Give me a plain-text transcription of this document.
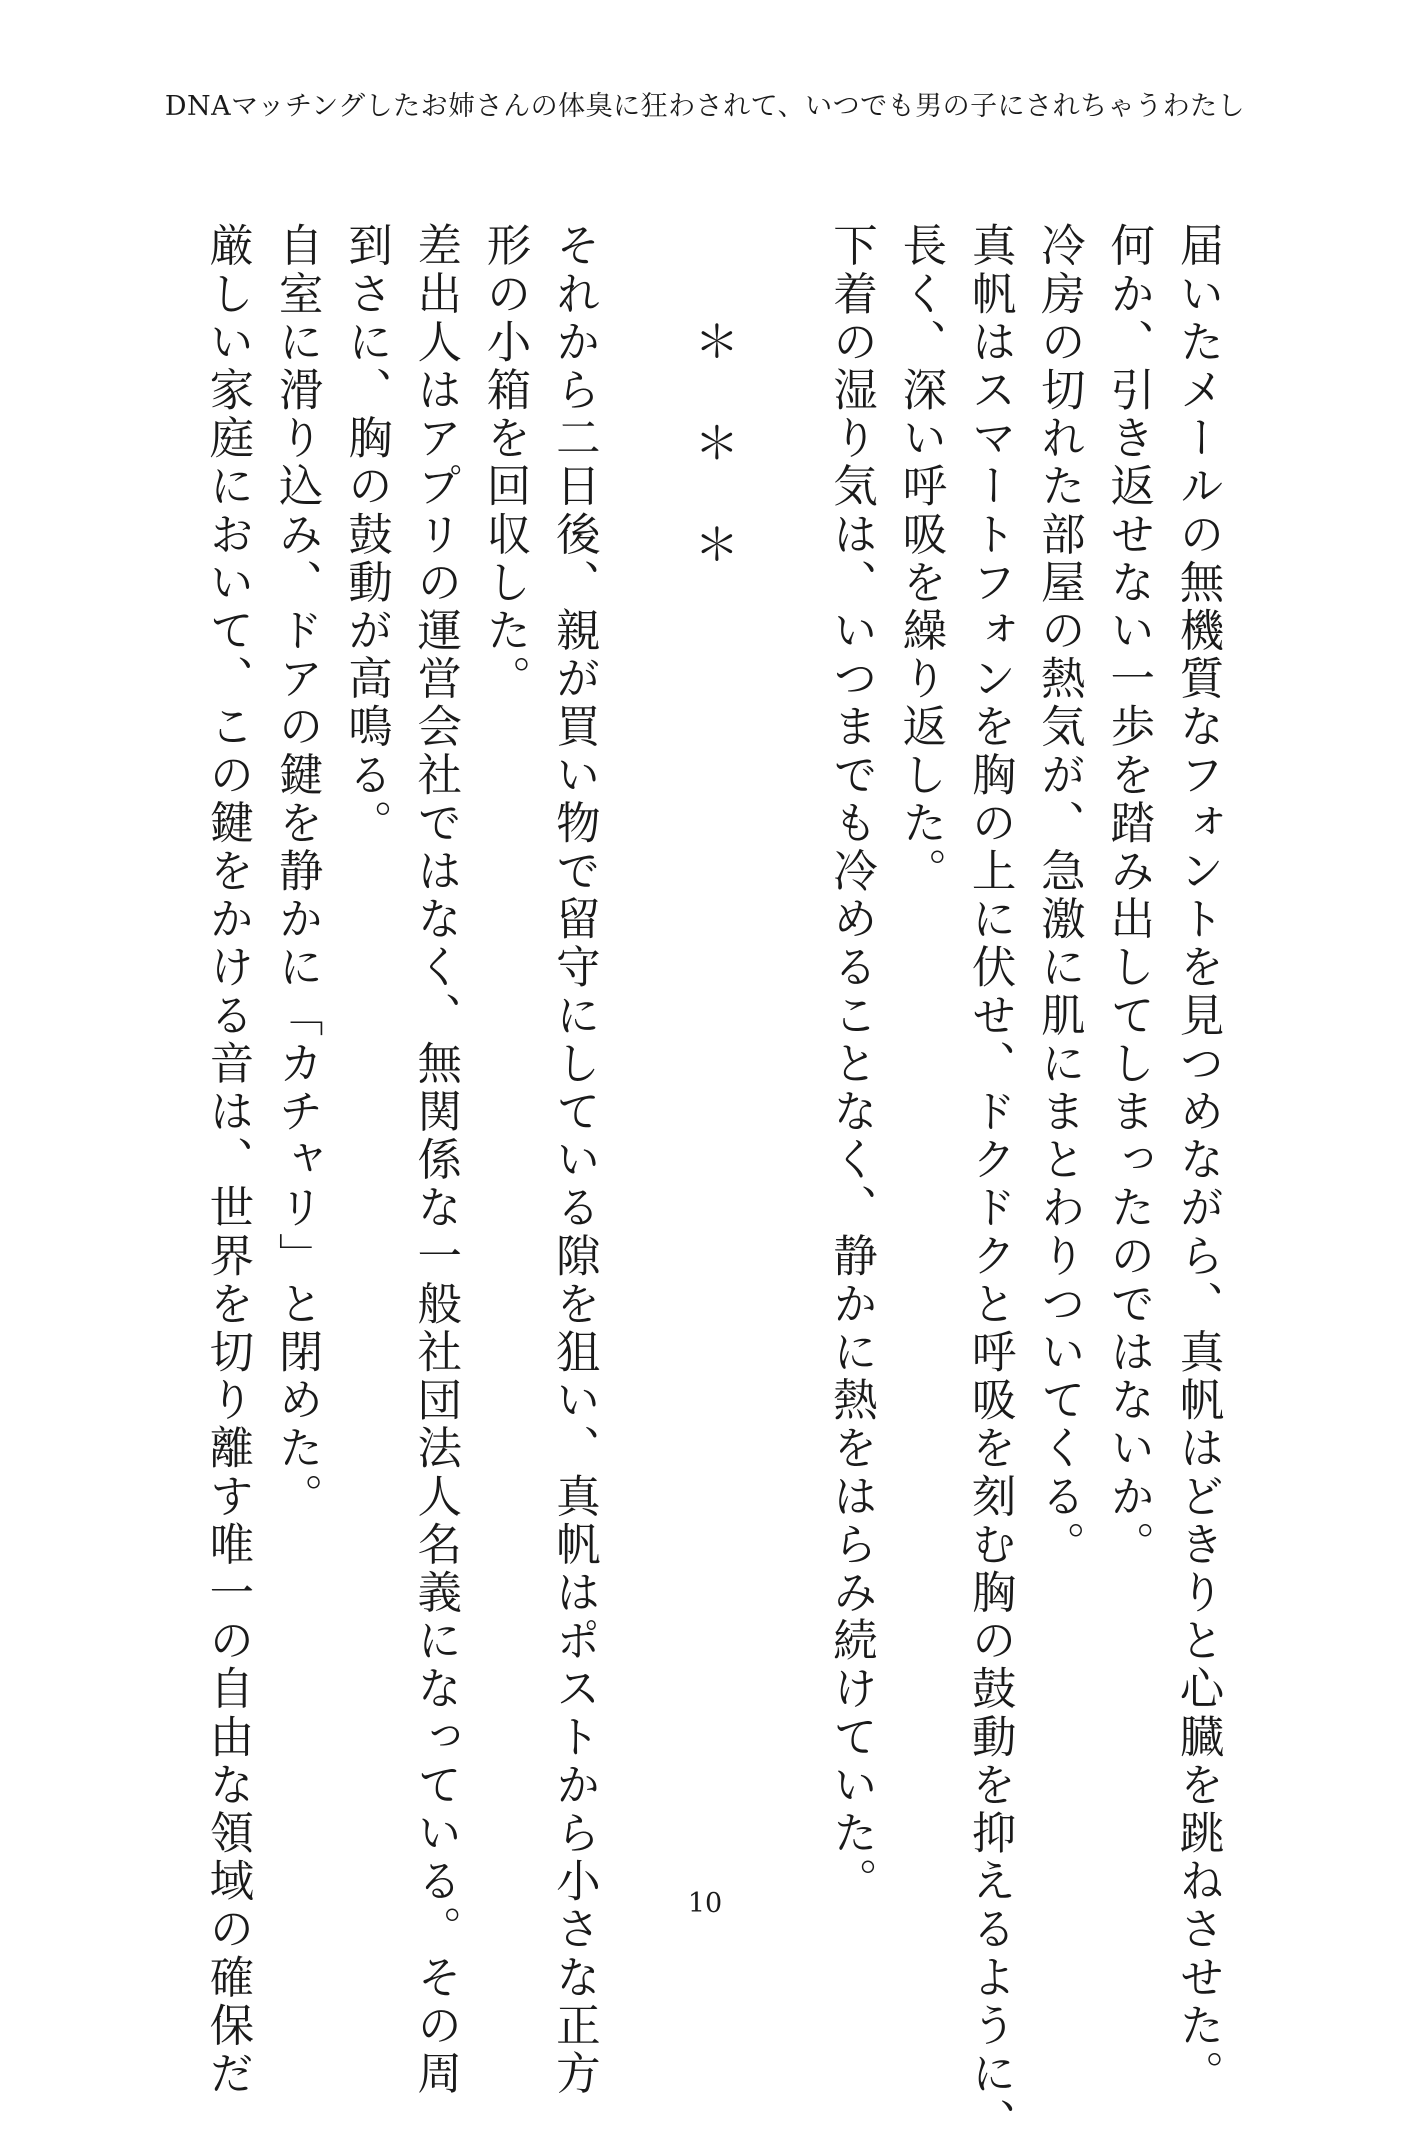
DNAマッチングしたお姉さんの体臭に狂わされて、いつでも男の子にされちゃうわたし

届いたメールの無機質なフォントを見つめながら、真帆はどきりと心臓を跳ねさせた。

何か、引き返せない一歩を踏み出してしまったのではないか。

冷房の切れた部屋の熱気が、急激に肌にまとわりついてくる。

真帆はスマートフォンを胸の上に伏せ、ドクドクと呼吸を刻む胸の鼓動を抑えるように、

長く、深い呼吸を繰り返した。

下着の湿り気は、いつまでも冷めることなく、静かに熱をはらみ続けていた。

＊＊＊

それから二日後、親が買い物で留守にしている隙を狙い、真帆はポストから小さな正方

形の小箱を回収した。

差出人はアプリの運営会社ではなく、無関係な一般社団法人名義になっている。その周

到さに、胸の鼓動が高鳴る。

自室に滑り込み、ドアの鍵を静かに「カチャリ」と閉めた。

厳しい家庭において、この鍵をかける音は、世界を切り離す唯一の自由な領域の確保だ	10
